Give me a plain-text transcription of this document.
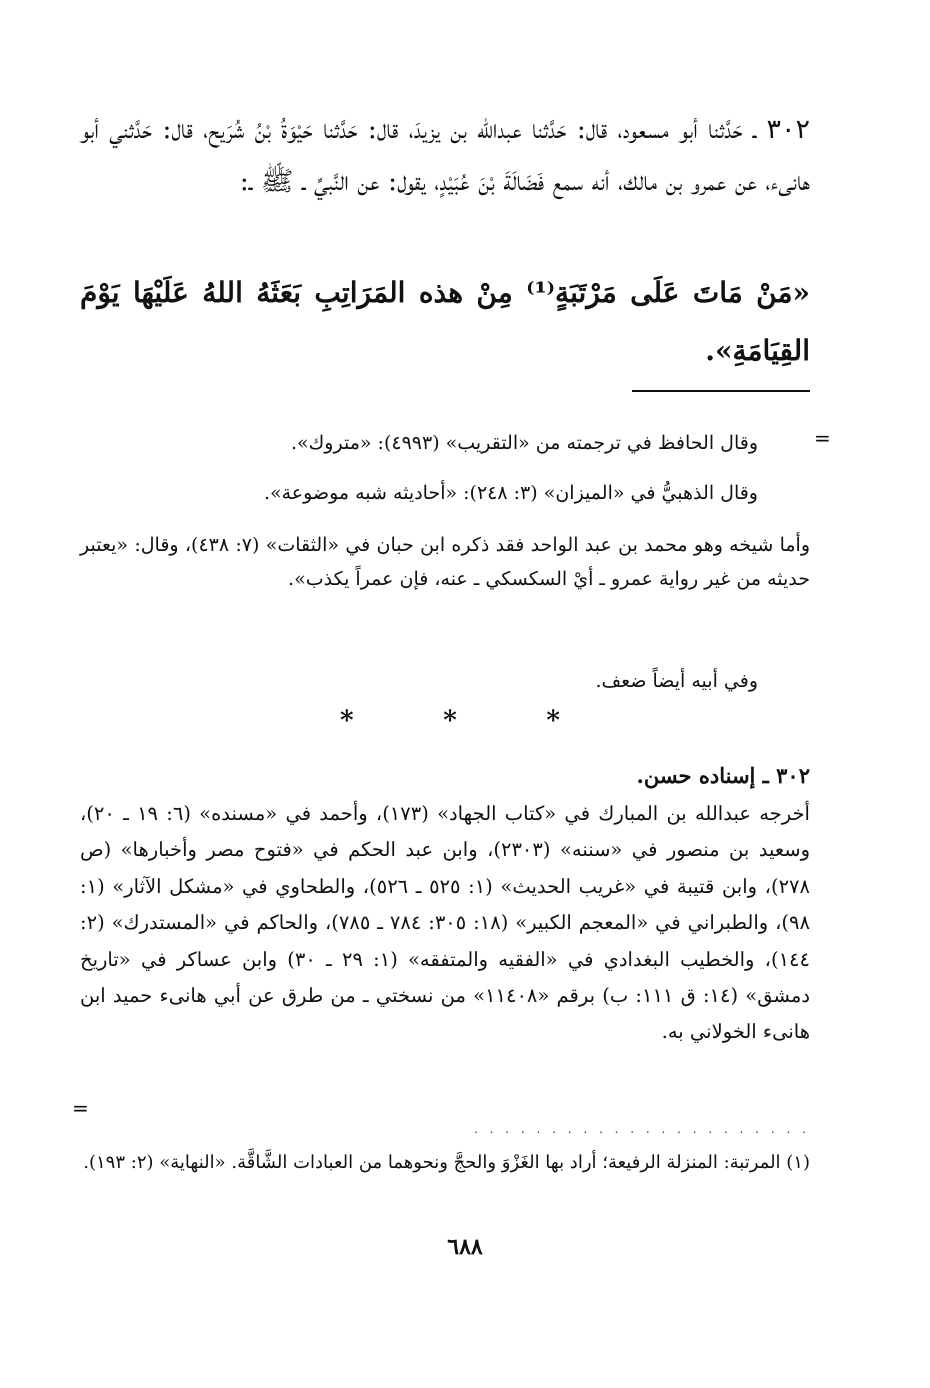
٣٠٢ ـ حَدَّثنا أبو مسعود، قال: حَدَّثنا عبدالله بن يزيدَ، قال: حَدَّثنا حَيْوَةُ بْنُ شُرَيح، قال: حَدَّثني أبو هانىء، عن عمرو بن مالك، أنه سمع فَضَالَةَ بْنَ عُبَيْدٍ، يقول: عن النَّبيِّ ـ ﷺ ـ:
«مَنْ مَاتَ عَلَى مَرْتَبَةٍ⁽¹⁾ مِنْ هذه المَرَاتِبِ بَعَثَهُ اللهُ عَلَيْهَا يَوْمَ القِيَامَةِ».
=
وقال الحافظ في ترجمته من «التقريب» (٤٩٩٣): «متروك».
وقال الذهبيُّ في «الميزان» (٣: ٢٤٨): «أحاديثه شبه موضوعة».
وأما شيخه وهو محمد بن عبد الواحد فقد ذكره ابن حبان في «الثقات» (٧: ٤٣٨)، وقال: «يعتبر حديثه من غير رواية عمرو ـ أيْ السكسكي ـ عنه، فإن عمراً يكذب».
وفي أبيه أيضاً ضعف.
*	*	*
٣٠٢ ـ إسناده حسن.
أخرجه عبدالله بن المبارك في «كتاب الجهاد» (١٧٣)، وأحمد في «مسنده» (٦: ١٩ ـ ٢٠)، وسعيد بن منصور في «سننه» (٢٣٠٣)، وابن عبد الحكم في «فتوح مصر وأخبارها» (ص ٢٧٨)، وابن قتيبة في «غريب الحديث» (١: ٥٢٥ ـ ٥٢٦)، والطحاوي في «مشكل الآثار» (١: ٩٨)، والطبراني في «المعجم الكبير» (١٨: ٣٠٥: ٧٨٤ ـ ٧٨٥)، والحاكم في «المستدرك» (٢: ١٤٤)، والخطيب البغدادي في «الفقيه والمتفقه» (١: ٢٩ ـ ٣٠) وابن عساكر في «تاريخ دمشق» (١٤: ق ١١١: ب) برقم «١١٤٠٨» من نسختي ـ من طرق عن أبي هانىء حميد ابن هانىء الخولاني به.
=
. . . . . . . . . . . . . . . . . . . . . .
(١) المرتبة: المنزلة الرفيعة؛ أراد بها الغَزْوَ والحجَّ ونحوهما من العبادات الشَّاقَّة. «النهاية» (٢: ١٩٣).
٦٨٨
